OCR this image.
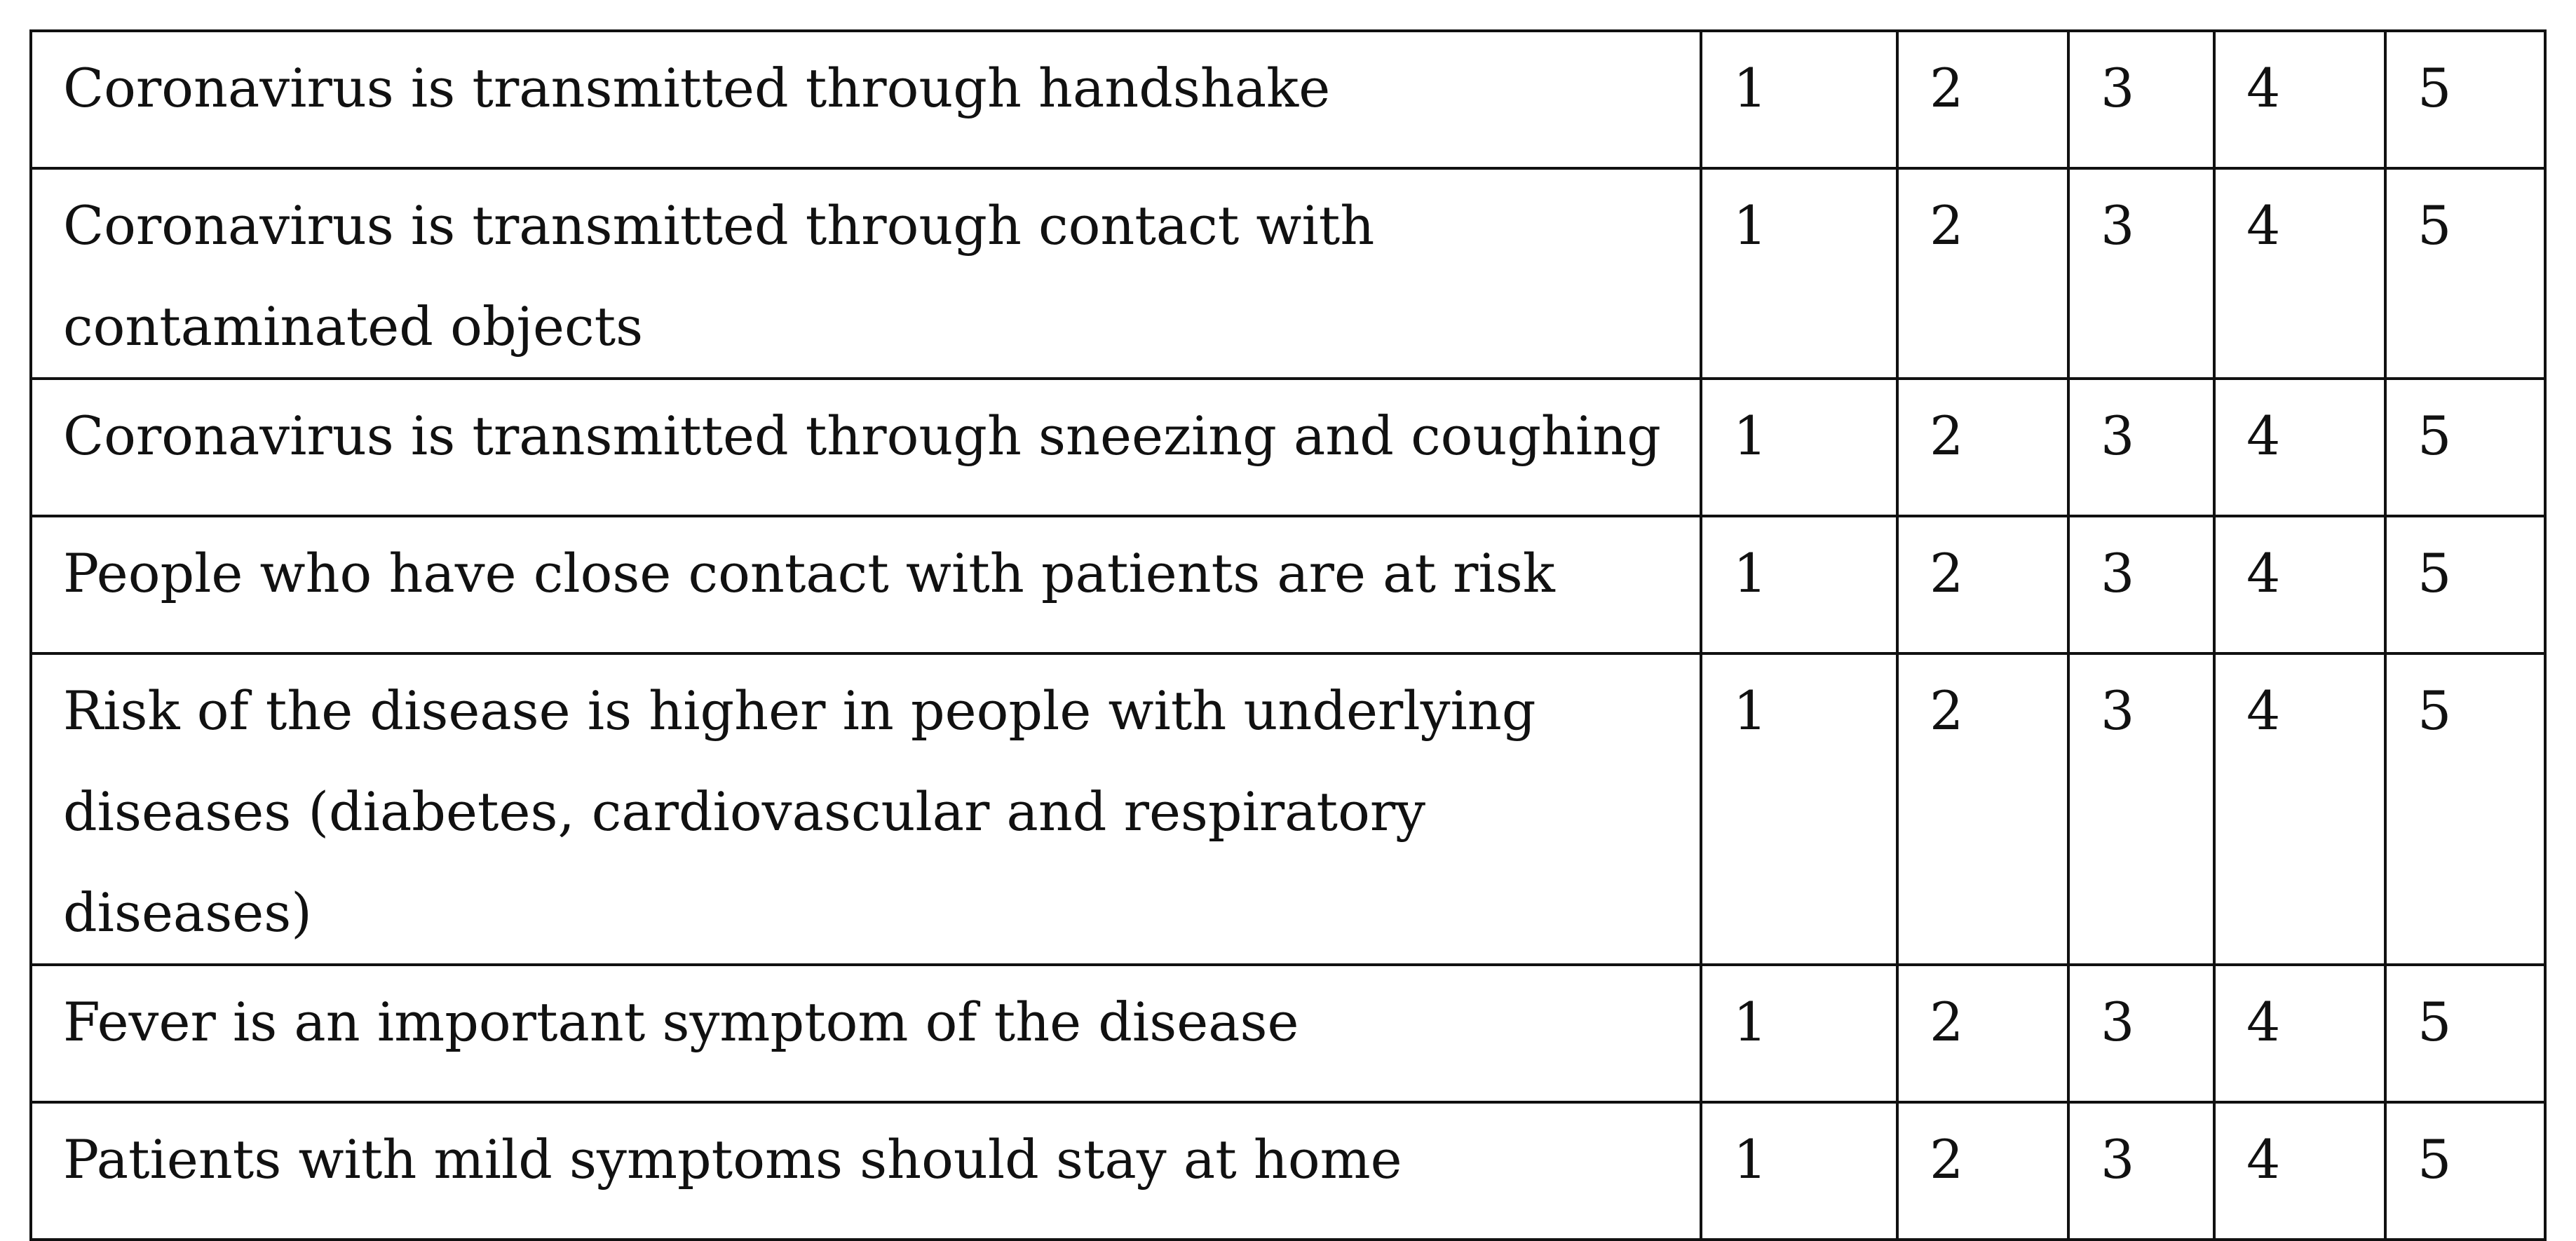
Coronavirus is transmitted through handshake	1	2	3	4	5

Coronavirus is transmitted through contact with contaminated objects	1	2	3	4	5

Coronavirus is transmitted through sneezing and coughing	1	2	3	4	5

People who have close contact with patients are at risk	1	2	3	4	5

Risk of the disease is higher in people with underlying diseases (diabetes, cardiovascular and respiratory diseases)	1	2	3	4	5

Fever is an important symptom of the disease	1	2	3	4	5

Patients with mild symptoms should stay at home	1	2	3	4	5
